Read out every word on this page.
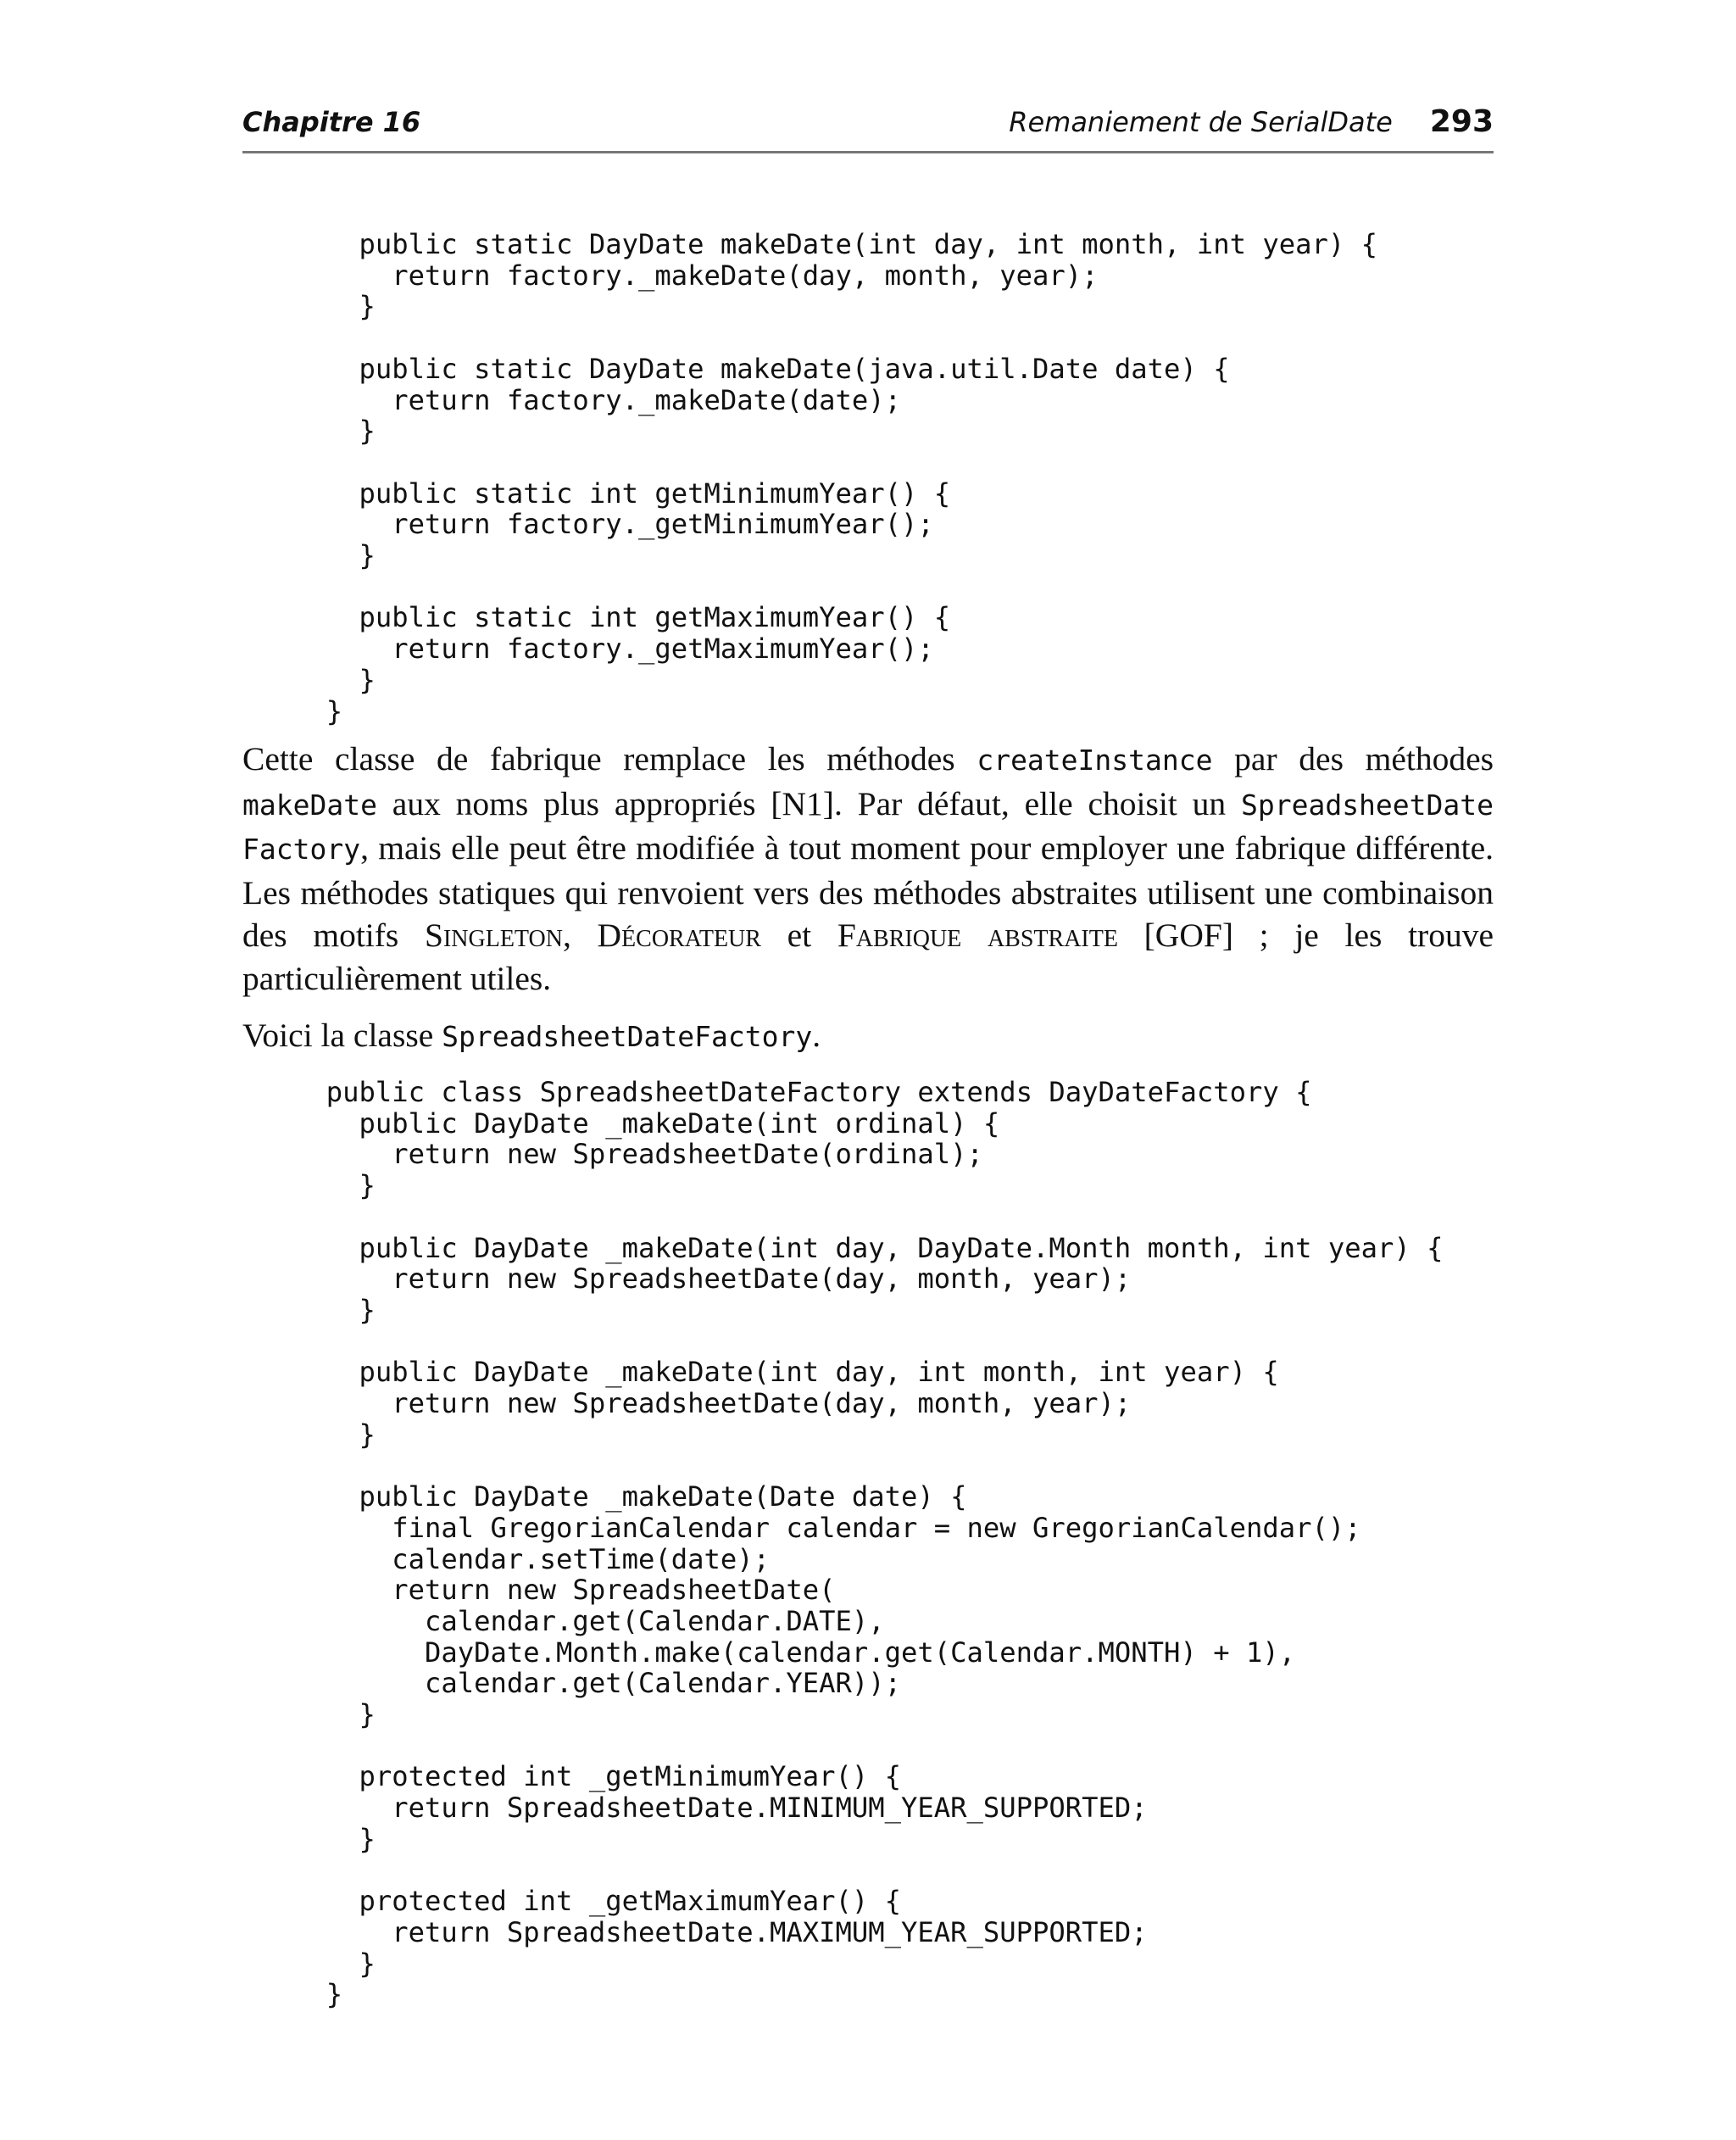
Chapitre 16	Remaniement de SerialDate 293
public static DayDate makeDate(int day, int month, int year) {
return factory._makeDate(day, month, year);
}

public static DayDate makeDate(java.util.Date date) {
return factory._makeDate(date);
}

public static int getMinimumYear() {
return factory._getMinimumYear();
}

public static int getMaximumYear() {
return factory._getMaximumYear();
}
}

Cette classe de fabrique remplace les méthodes createInstance par des méthodes makeDate aux noms plus appropriés [N1]. Par défaut, elle choisit un SpreadsheetDate Factory, mais elle peut être modifiée à tout moment pour employer une fabrique différente. Les méthodes statiques qui renvoient vers des méthodes abstraites utilisent une combinaison des motifs Singleton, Décorateur et Fabrique abstraite [GOF] ; je les trouve particulièrement utiles.

Voici la classe SpreadsheetDateFactory.

public class SpreadsheetDateFactory extends DayDateFactory {
public DayDate _makeDate(int ordinal) {
return new SpreadsheetDate(ordinal);
}

public DayDate _makeDate(int day, DayDate.Month month, int year) {
return new SpreadsheetDate(day, month, year);
}

public DayDate _makeDate(int day, int month, int year) {
return new SpreadsheetDate(day, month, year);
}

public DayDate _makeDate(Date date) {
final GregorianCalendar calendar = new GregorianCalendar();
calendar.setTime(date);
return new SpreadsheetDate(
calendar.get(Calendar.DATE),
DayDate.Month.make(calendar.get(Calendar.MONTH) + 1),
calendar.get(Calendar.YEAR));
}

protected int _getMinimumYear() {
return SpreadsheetDate.MINIMUM_YEAR_SUPPORTED;
}

protected int _getMaximumYear() {
return SpreadsheetDate.MAXIMUM_YEAR_SUPPORTED;
}
}
